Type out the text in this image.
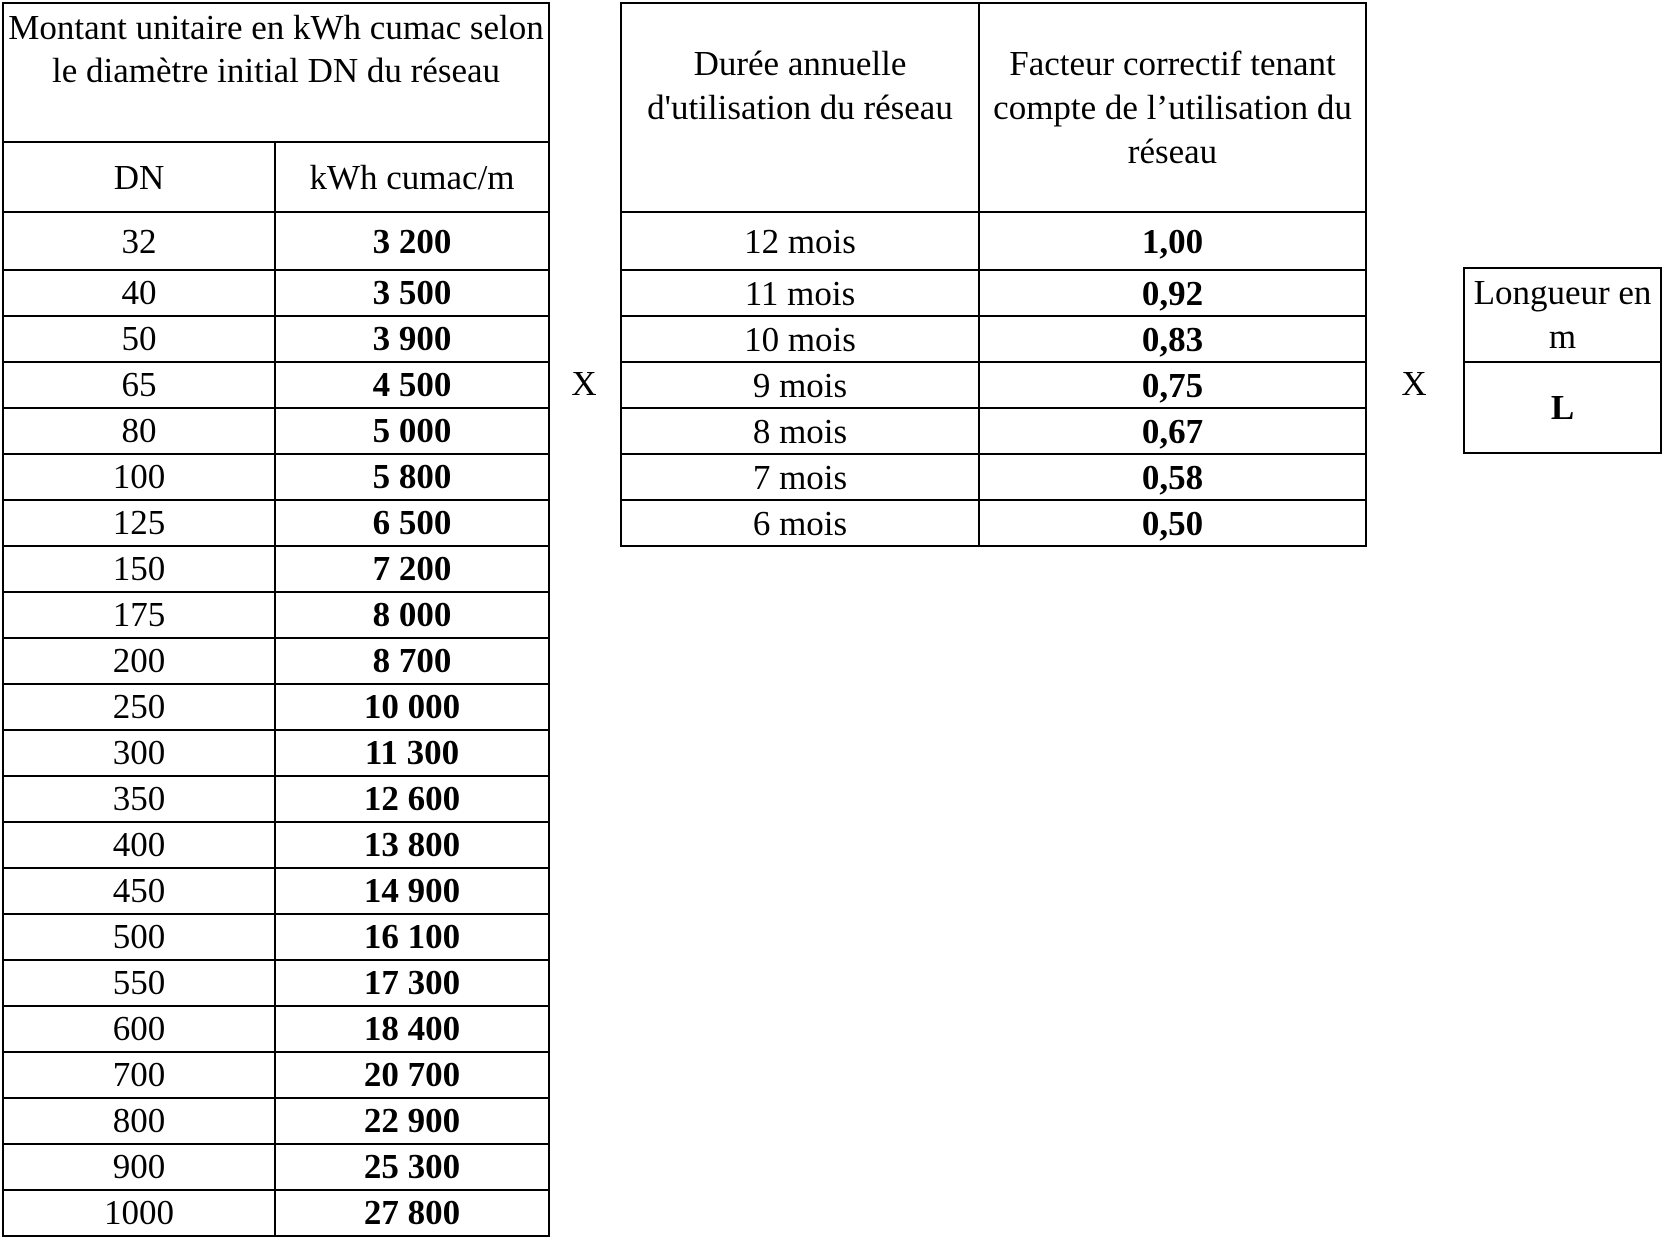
Montant unitaire en kWh cumac selon le diamètre initial DN du réseau	
DN	kWh cumac/m
32	3 200
40	3 500
50	3 900
65	4 500
80	5 000
100	5 800
125	6 500
150	7 200
175	8 000
200	8 700
250	10 000
300	11 300
350	12 600
400	13 800
450	14 900
500	16 100
550	17 300
600	18 400
700	20 700
800	22 900
900	25 300
1000	27 800
X
Durée annuelle d'utilisation du réseau	Facteur correctif tenant compte de l’utilisation du réseau
12 mois	1,00
11 mois	0,92
10 mois	0,83
9 mois	0,75
8 mois	0,67
7 mois	0,58
6 mois	0,50
X
Longueur en m
L
